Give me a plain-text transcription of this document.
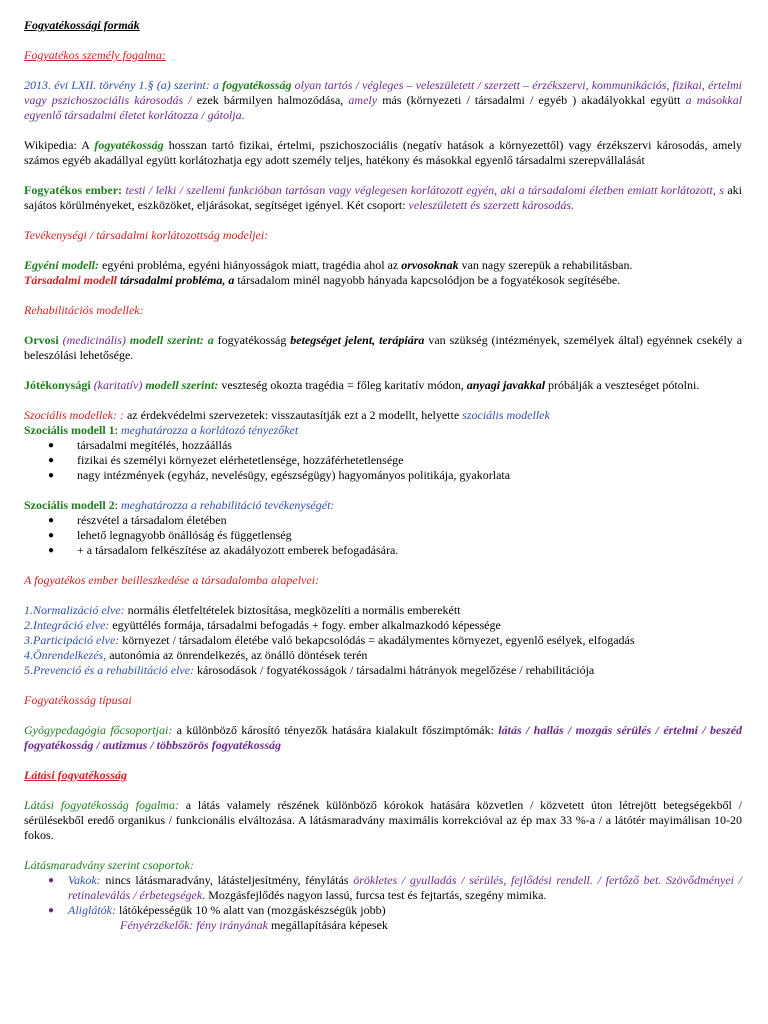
Fogyatékossági formák

Fogyatékos személy fogalma:

2013. évi LXII. törvény 1.§ (a) szerint: a fogyatékosság olyan tartós / végleges – veleszületett / szerzett – érzékszervi, kommunikációs, fizikai, értelmi vagy pszichoszociális károsodás / ezek bármilyen halmozódása, amely más (környezeti / társadalmi / egyéb ) akadályokkal együtt a másokkal egyenlő társadalmi életet korlátozza / gátolja.

Wikipedia: A fogyatékosság hosszan tartó fizikai, értelmi, pszichoszociális (negatív hatások a környezettől) vagy érzékszervi károsodás, amely számos egyéb akadállyal együtt korlátozhatja egy adott személy teljes, hatékony és másokkal egyenlő társadalmi szerepvállalását

Fogyatékos ember: testi / lelki / szellemi funkcióban tartósan vagy véglegesen korlátozott egyén, aki a társadalomi életben emiatt korlátozott, s aki sajátos körülményeket, eszközöket, eljárásokat, segítséget igényel. Két csoport: veleszületett és szerzett károsodás.

Tevékenységi / társadalmi korlátozottság modeljei:

Egyéni modell: egyéni probléma, egyéni hiányosságok miatt, tragédia ahol az orvosoknak van nagy szerepük a rehabilitásban.

Társadalmi modell társadalmi probléma, a társadalom minél nagyobb hányada kapcsolódjon be a fogyatékosok segítésébe.

Rehabilitációs modellek:

Orvosi (medicinális) modell szerint: a fogyatékosság betegséget jelent, terápiára van szükség (intézmények, személyek által) egyénnek csekély a beleszólási lehetősége.

Jótékonysági (karitatív) modell szerint: veszteség okozta tragédia = főleg karitatív módon, anyagi javakkal próbálják a veszteséget pótolni.

Szociális modellek: : az érdekvédelmi szervezetek: visszautasítják ezt a 2 modellt, helyette szociális modellek

Szociális modell 1: meghatározza a korlátozó tényezőket

● társadalmi megítélés, hozzáállás
● fizikai és személyi környezet elérhetetlensége, hozzáférhetetlensége
● nagy intézmények (egyház, nevelésügy, egészségügy) hagyományos politikája, gyakorlata

Szociális modell 2: meghatározza a rehabilitáció tevékenységét:

● részvétel a társadalom életében
● lehető legnagyobb önállóság és függetlenség
● + a társadalom felkészítése az akadályozott emberek befogadására.

A fogyatékos ember beilleszkedése a társadalomba alapelvei:

1.Normalizáció elve: normális életfeltételek biztosítása, megközelíti a normális emberekétt

2.Integráció elve: együttélés formája, társadalmi befogadás + fogy. ember alkalmazkodó képessége

3.Participáció elve: környezet / társadalom életébe való bekapcsolódás = akadálymentes környezet, egyenlő esélyek, elfogadás

4.Önrendelkezés, autonómia az önrendelkezés, az önálló döntések terén

5.Prevenció és a rehabilitáció elve: károsodások / fogyatékosságok / társadalmi hátrányok megelőzése / rehabilitációja

Fogyatékosság típusai

Gyógypedagógia főcsoportjai: a különböző károsító tényezők hatására kialakult főszimptómák: látás / hallás / mozgás sérülés / értelmi / beszéd fogyatékosság / autizmus / többszörös fogyatékosság

Látási fogyatékosság

Látási fogyatékosság fogalma: a látás valamely részének különböző kórokok hatására közvetlen / közvetett úton létrejött betegségekből / sérülésekből eredő organikus / funkcionális elváltozása. A látásmaradvány maximális korrekcióval az ép max 33 %-a / a látótér mayimálisan 10-20 fokos.

Látásmaradvány szerint csoportok:

● Vakok: nincs látásmaradvány, látásteljesítmény, fénylátás örökletes / gyulladás / sérülés, fejlődési rendell. / fertőző bet. Szövődményei / retinaleválás / érbetegségek. Mozgásfejlődés nagyon lassú, furcsa test és fejtartás, szegény mimika.
● Aliglátók: látóképességük 10 % alatt van (mozgáskészségük jobb)

Fényérzékelők: fény irányának megállapítására képesek
